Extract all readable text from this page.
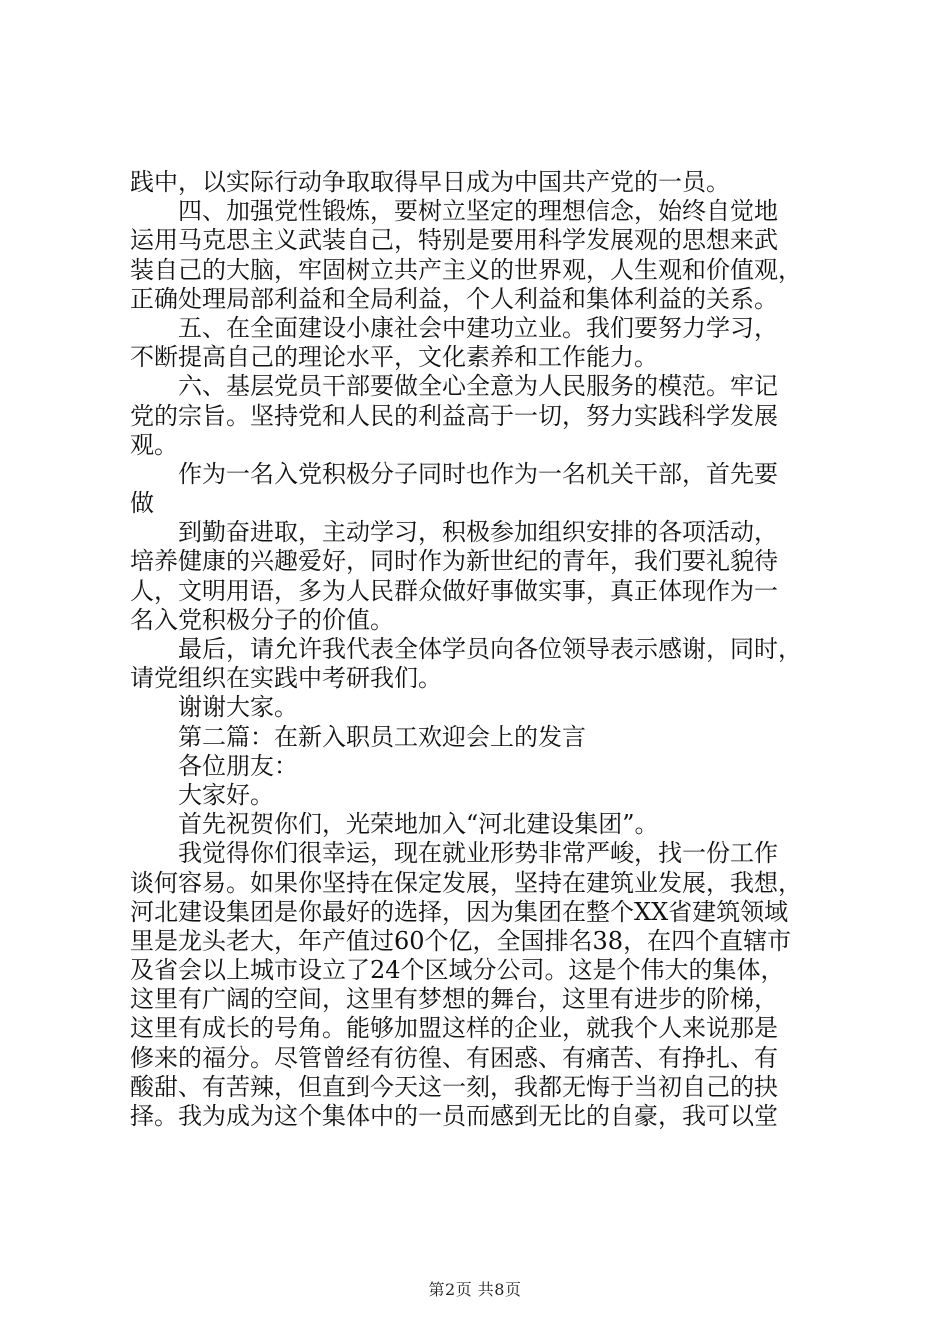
践中，以实际行动争取取得早日成为中国共产党的一员。
四、加强党性锻炼，要树立坚定的理想信念，始终自觉地
运用马克思主义武装自己，特别是要用科学发展观的思想来武
装自己的大脑，牢固树立共产主义的世界观，人生观和价值观，
正确处理局部利益和全局利益，个人利益和集体利益的关系。
五、在全面建设小康社会中建功立业。我们要努力学习，
不断提高自己的理论水平，文化素养和工作能力。
六、基层党员干部要做全心全意为人民服务的模范。牢记
党的宗旨。坚持党和人民的利益高于一切，努力实践科学发展
观。
作为一名入党积极分子同时也作为一名机关干部，首先要
做
到勤奋进取，主动学习，积极参加组织安排的各项活动，
培养健康的兴趣爱好，同时作为新世纪的青年，我们要礼貌待
人，文明用语，多为人民群众做好事做实事，真正体现作为一
名入党积极分子的价值。
最后，请允许我代表全体学员向各位领导表示感谢，同时，
请党组织在实践中考研我们。
谢谢大家。
第二篇：在新入职员工欢迎会上的发言
各位朋友：
大家好。
首先祝贺你们，光荣地加入“河北建设集团”。
我觉得你们很幸运，现在就业形势非常严峻，找一份工作
谈何容易。如果你坚持在保定发展，坚持在建筑业发展，我想，
河北建设集团是你最好的选择，因为集团在整个XX省建筑领域
里是龙头老大，年产值过60个亿，全国排名38，在四个直辖市
及省会以上城市设立了24个区域分公司。这是个伟大的集体，
这里有广阔的空间，这里有梦想的舞台，这里有进步的阶梯，
这里有成长的号角。能够加盟这样的企业，就我个人来说那是
修来的福分。尽管曾经有彷徨、有困惑、有痛苦、有挣扎、有
酸甜、有苦辣，但直到今天这一刻，我都无悔于当初自己的抉
择。我为成为这个集体中的一员而感到无比的自豪，我可以堂
第2页 共8页
